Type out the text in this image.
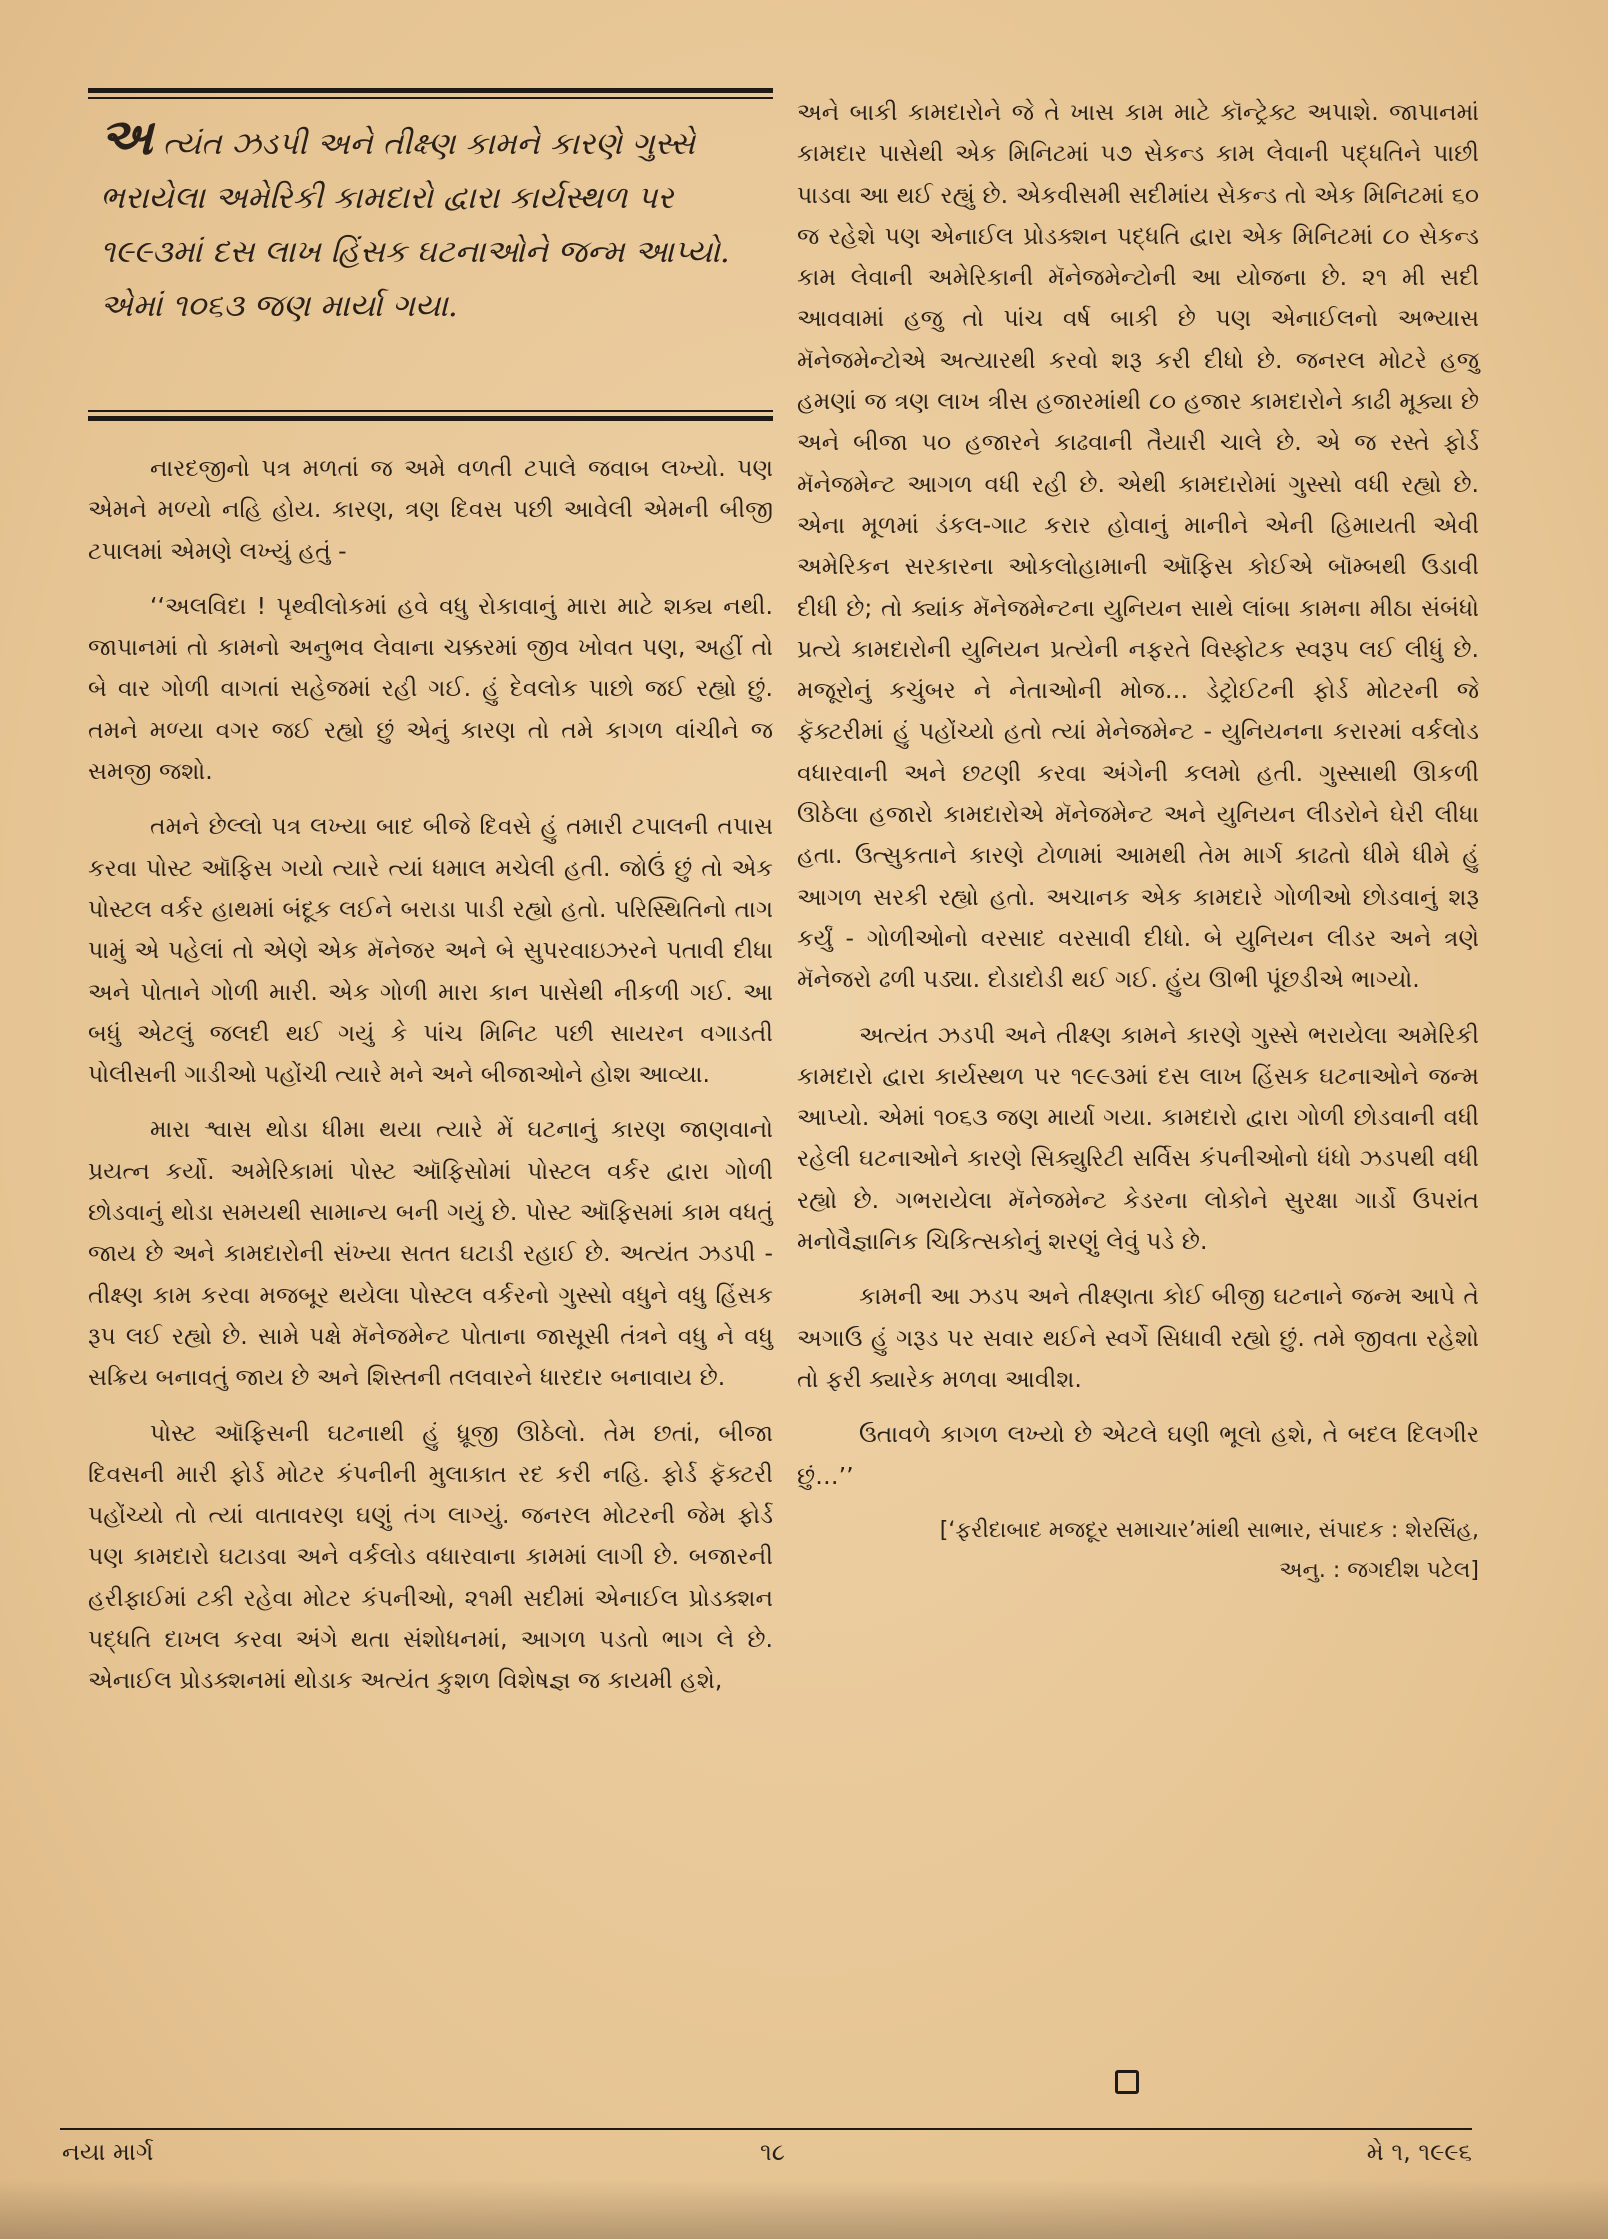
અ ત્યંત ઝડપી અને તીક્ષ્ણ કામને કારણે ગુસ્સે ભરાયેલા અમેરિકી કામદારો દ્વારા કાર્યસ્થળ પર ૧૯૯૩માં દસ લાખ હિંસક ઘટનાઓને જન્મ આપ્યો. એમાં ૧૦૬૩ જણ માર્યા ગયા.

નારદજીનો પત્ર મળતાં જ અમે વળતી ટપાલે જવાબ લખ્યો. પણ એમને મળ્યો નહિ હોય. કારણ, ત્રણ દિવસ પછી આવેલી એમની બીજી ટપાલમાં એમણે લખ્યું હતું -

‘‘અલવિદા ! પૃથ્વીલોકમાં હવે વધુ રોકાવાનું મારા માટે શક્ય નથી. જાપાનમાં તો કામનો અનુભવ લેવાના ચક્કરમાં જીવ ખોવત પણ, અહીં તો બે વાર ગોળી વાગતાં સહેજમાં રહી ગઈ. હું દેવલોક પાછો જઈ રહ્યો છું. તમને મળ્યા વગર જઈ રહ્યો છું એનું કારણ તો તમે કાગળ વાંચીને જ સમજી જશો.

તમને છેલ્લો પત્ર લખ્યા બાદ બીજે દિવસે હું તમારી ટપાલની તપાસ કરવા પોસ્ટ ઑફિસ ગયો ત્યારે ત્યાં ધમાલ મચેલી હતી. જોઉં છું તો એક પોસ્ટલ વર્કર હાથમાં બંદૂક લઈને બરાડા પાડી રહ્યો હતો. પરિસ્થિતિનો તાગ પામું એ પહેલાં તો એણે એક મૅનેજર અને બે સુપરવાઇઝરને પતાવી દીધા અને પોતાને ગોળી મારી. એક ગોળી મારા કાન પાસેથી નીકળી ગઈ. આ બધું એટલું જલદી થઈ ગયું કે પાંચ મિનિટ પછી સાયરન વગાડતી પોલીસની ગાડીઓ પહોંચી ત્યારે મને અને બીજાઓને હોશ આવ્યા.

મારા શ્વાસ થોડા ધીમા થયા ત્યારે મેં ઘટનાનું કારણ જાણવાનો પ્રયત્ન કર્યો. અમેરિકામાં પોસ્ટ ઑફિસોમાં પોસ્ટલ વર્કર દ્વારા ગોળી છોડવાનું થોડા સમયથી સામાન્ય બની ગયું છે. પોસ્ટ ઑફિસમાં કામ વધતું જાય છે અને કામદારોની સંખ્યા સતત ઘટાડી રહાઈ છે. અત્યંત ઝડપી - તીક્ષ્ણ કામ કરવા મજબૂર થયેલા પોસ્ટલ વર્કરનો ગુસ્સો વધુને વધુ હિંસક રૂપ લઈ રહ્યો છે. સામે પક્ષે મૅનેજમેન્ટ પોતાના જાસૂસી તંત્રને વધુ ને વધુ સક્રિય બનાવતું જાય છે અને શિસ્તની તલવારને ધારદાર બનાવાય છે.

પોસ્ટ ઑફિસની ઘટનાથી હું ધ્રૂજી ઊઠેલો. તેમ છતાં, બીજા દિવસની મારી ફોર્ડ મોટર કંપનીની મુલાકાત રદ કરી નહિ. ફોર્ડ ફૅક્ટરી પહોંચ્યો તો ત્યાં વાતાવરણ ઘણું તંગ લાગ્યું. જનરલ મોટરની જેમ ફોર્ડ પણ કામદારો ઘટાડવા અને વર્કલોડ વધારવાના કામમાં લાગી છે. બજારની હરીફાઈમાં ટકી રહેવા મોટર કંપનીઓ, ૨૧મી સદીમાં એનાઈલ પ્રોડક્શન પદ્ધતિ દાખલ કરવા અંગે થતા સંશોધનમાં, આગળ પડતો ભાગ લે છે. એનાઈલ પ્રોડક્શનમાં થોડાક અત્યંત કુશળ વિશેષજ્ઞ જ કાયમી હશે,

અને બાકી કામદારોને જે તે ખાસ કામ માટે કૉન્ટ્રેક્ટ અપાશે. જાપાનમાં કામદાર પાસેથી એક મિનિટમાં ૫૭ સેકન્ડ કામ લેવાની પદ્ધતિને પાછી પાડવા આ થઈ રહ્યું છે. એકવીસમી સદીમાંય સેકન્ડ તો એક મિનિટમાં ૬૦ જ રહેશે પણ એનાઈલ પ્રોડક્શન પદ્ધતિ દ્વારા એક મિનિટમાં ૮૦ સેકન્ડ કામ લેવાની અમેરિકાની મૅનેજમેન્ટોની આ યોજના છે. ૨૧ મી સદી આવવામાં હજુ તો પાંચ વર્ષ બાકી છે પણ એનાઈલનો અભ્યાસ મૅનેજમેન્ટોએ અત્યારથી કરવો શરૂ કરી દીધો છે. જનરલ મોટરે હજુ હમણાં જ ત્રણ લાખ ત્રીસ હજારમાંથી ૮૦ હજાર કામદારોને કાઢી મૂક્યા છે અને બીજા ૫૦ હજારને કાઢવાની તૈયારી ચાલે છે. એ જ રસ્તે ફોર્ડ મૅનેજમેન્ટ આગળ વધી રહી છે. એથી કામદારોમાં ગુસ્સો વધી રહ્યો છે. એના મૂળમાં ડંકલ-ગાટ કરાર હોવાનું માનીને એની હિમાયતી એવી અમેરિકન સરકારના ઓકલોહામાની ઑફિસ કોઈએ બૉમ્બથી ઉડાવી દીધી છે; તો ક્યાંક મૅનેજમેન્ટના યુનિયન સાથે લાંબા કામના મીઠા સંબંધો પ્રત્યે કામદારોની યુનિયન પ્રત્યેની નફરતે વિસ્ફોટક સ્વરૂપ લઈ લીધું છે. મજૂરોનું કચુંબર ને નેતાઓની મોજ… ડેટ્રોઈટની ફોર્ડ મોટરની જે ફૅક્ટરીમાં હું પહોંચ્યો હતો ત્યાં મેનેજમેન્ટ - યુનિયનના કરારમાં વર્કલોડ વધારવાની અને છટણી કરવા અંગેની કલમો હતી. ગુસ્સાથી ઊકળી ઊઠેલા હજારો કામદારોએ મૅનેજમેન્ટ અને યુનિયન લીડરોને ઘેરી લીધા હતા. ઉત્સુકતાને કારણે ટોળામાં આમથી તેમ માર્ગ કાઢતો ધીમે ધીમે હું આગળ સરકી રહ્યો હતો. અચાનક એક કામદારે ગોળીઓ છોડવાનું શરૂ કર્યું - ગોળીઓનો વરસાદ વરસાવી દીધો. બે યુનિયન લીડર અને ત્રણે મૅનેજરો ઢળી પડ્યા. દોડાદોડી થઈ ગઈ. હુંય ઊભી પૂંછડીએ ભાગ્યો.

અત્યંત ઝડપી અને તીક્ષ્ણ કામને કારણે ગુસ્સે ભરાયેલા અમેરિકી કામદારો દ્વારા કાર્યસ્થળ પર ૧૯૯૩માં દસ લાખ હિંસક ઘટનાઓને જન્મ આપ્યો. એમાં ૧૦૬૩ જણ માર્યા ગયા. કામદારો દ્વારા ગોળી છોડવાની વધી રહેલી ઘટનાઓને કારણે સિક્યુરિટી સર્વિસ કંપનીઓનો ધંધો ઝડપથી વધી રહ્યો છે. ગભરાયેલા મૅનેજમેન્ટ કેડરના લોકોને સુરક્ષા ગાર્ડો ઉપરાંત મનોવૈજ્ઞાનિક ચિકિત્સકોનું શરણું લેવું પડે છે.

કામની આ ઝડપ અને તીક્ષ્ણતા કોઈ બીજી ઘટનાને જન્મ આપે તે અગાઉ હું ગરૂડ પર સવાર થઈને સ્વર્ગે સિધાવી રહ્યો છું. તમે જીવતા રહેશો તો ફરી ક્યારેક મળવા આવીશ.

ઉતાવળે કાગળ લખ્યો છે એટલે ઘણી ભૂલો હશે, તે બદલ દિલગીર છું…’’

[‘ફરીદાબાદ મજદૂર સમાચાર’માંથી સાભાર, સંપાદક : શેરસિંહ,
અનુ. : જગદીશ પટેલ]
નયા માર્ગ	૧૮	મે ૧, ૧૯૯૬
